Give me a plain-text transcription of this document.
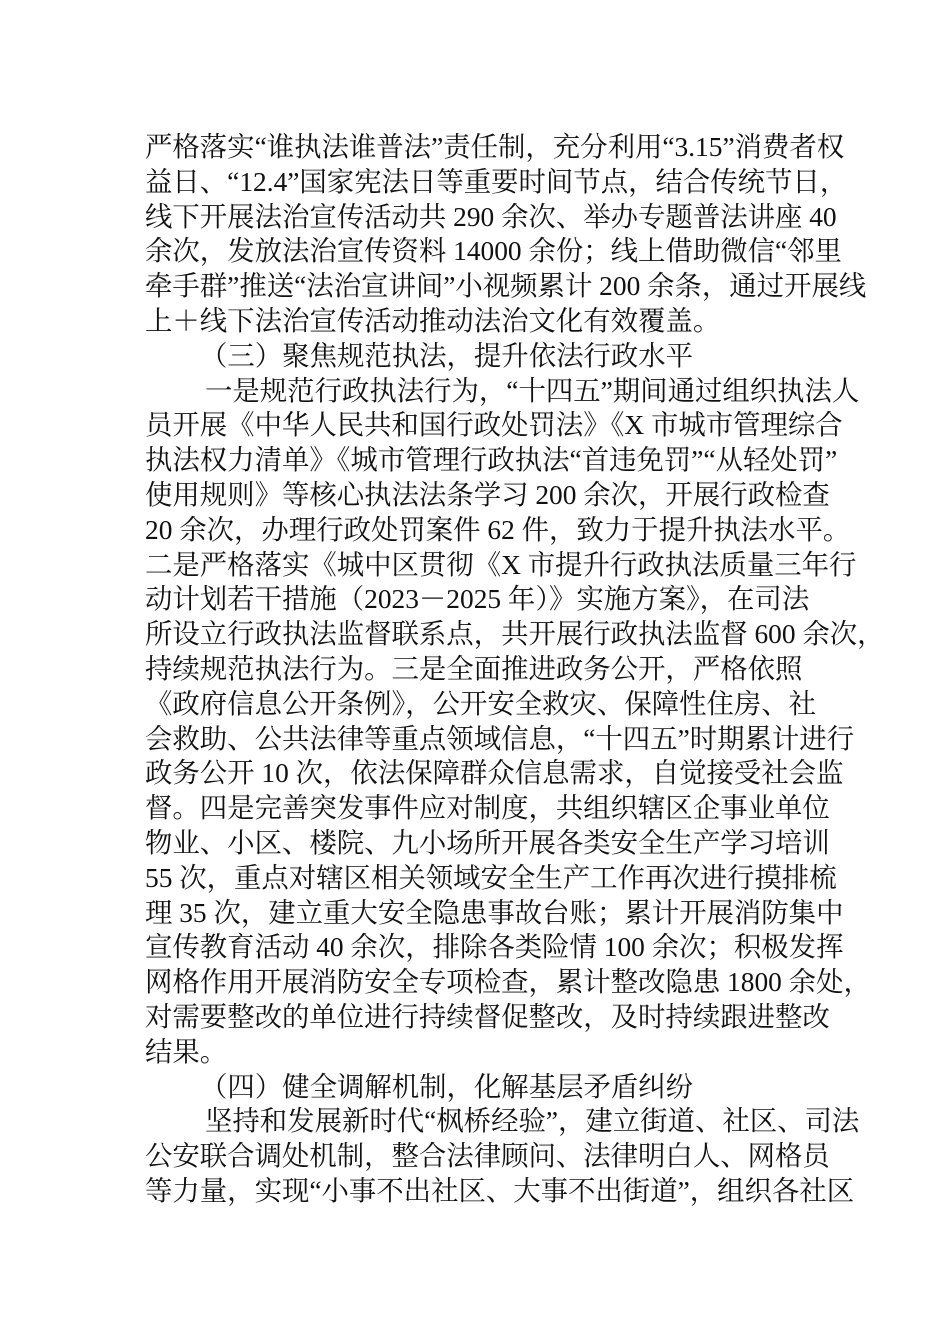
严格落实“谁执法谁普法”责任制，充分利用“3.15”消费者权
益日、“12.4”国家宪法日等重要时间节点，结合传统节日，
线下开展法治宣传活动共 290 余次、举办专题普法讲座 40
余次，发放法治宣传资料 14000 余份；线上借助微信“邻里
牵手群”推送“法治宣讲间”小视频累计 200 余条，通过开展线
上＋线下法治宣传活动推动法治文化有效覆盖。
（三）聚焦规范执法，提升依法行政水平
一是规范行政执法行为，“十四五”期间通过组织执法人
员开展《中华人民共和国行政处罚法》《X 市城市管理综合
执法权力清单》《城市管理行政执法“首违免罚”“从轻处罚”
使用规则》等核心执法法条学习 200 余次，开展行政检查
20 余次，办理行政处罚案件 62 件，致力于提升执法水平。
二是严格落实《城中区贯彻《X 市提升行政执法质量三年行
动计划若干措施（2023－2025 年）》实施方案》，在司法
所设立行政执法监督联系点，共开展行政执法监督 600 余次，
持续规范执法行为。三是全面推进政务公开，严格依照
《政府信息公开条例》，公开安全救灾、保障性住房、社
会救助、公共法律等重点领域信息，“十四五”时期累计进行
政务公开 10 次，依法保障群众信息需求，自觉接受社会监
督。四是完善突发事件应对制度，共组织辖区企事业单位
物业、小区、楼院、九小场所开展各类安全生产学习培训
55 次，重点对辖区相关领域安全生产工作再次进行摸排梳
理 35 次，建立重大安全隐患事故台账；累计开展消防集中
宣传教育活动 40 余次，排除各类险情 100 余次；积极发挥
网格作用开展消防安全专项检查，累计整改隐患 1800 余处，
对需要整改的单位进行持续督促整改，及时持续跟进整改
结果。
（四）健全调解机制，化解基层矛盾纠纷
坚持和发展新时代“枫桥经验”，建立街道、社区、司法
公安联合调处机制，整合法律顾问、法律明白人、网格员
等力量，实现“小事不出社区、大事不出街道”，组织各社区
